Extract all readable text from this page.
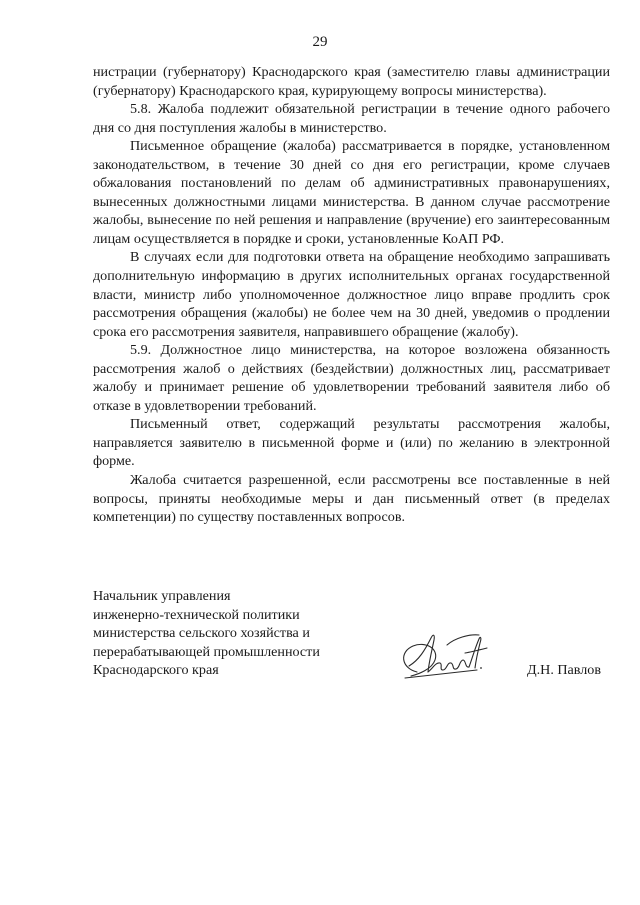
29

нистрации (губернатору) Краснодарского края (заместителю главы администрации (губернатору) Краснодарского края, курирующему вопросы министерства).

5.8. Жалоба подлежит обязательной регистрации в течение одного рабочего дня со дня поступления жалобы в министерство.

Письменное обращение (жалоба) рассматривается в порядке, установленном законодательством, в течение 30 дней со дня его регистрации, кроме случаев обжалования постановлений по делам об административных правонарушениях, вынесенных должностными лицами министерства. В данном случае рассмотрение жалобы, вынесение по ней решения и направление (вручение) его заинтересованным лицам осуществляется в порядке и сроки, установленные КоАП РФ.

В случаях если для подготовки ответа на обращение необходимо запрашивать дополнительную информацию в других исполнительных органах государственной власти, министр либо уполномоченное должностное лицо вправе продлить срок рассмотрения обращения (жалобы) не более чем на 30 дней, уведомив о продлении срока его рассмотрения заявителя, направившего обращение (жалобу).

5.9. Должностное лицо министерства, на которое возложена обязанность рассмотрения жалоб о действиях (бездействии) должностных лиц, рассматривает жалобу и принимает решение об удовлетворении требований заявителя либо об отказе в удовлетворении требований.

Письменный ответ, содержащий результаты рассмотрения жалобы, направляется заявителю в письменной форме и (или) по желанию в электронной форме.

Жалоба считается разрешенной, если рассмотрены все поставленные в ней вопросы, приняты необходимые меры и дан письменный ответ (в пределах компетенции) по существу поставленных вопросов.

Начальник управления
инженерно-технической политики
министерства сельского хозяйства и
перерабатывающей промышленности
Краснодарского края	Д.Н. Павлов
